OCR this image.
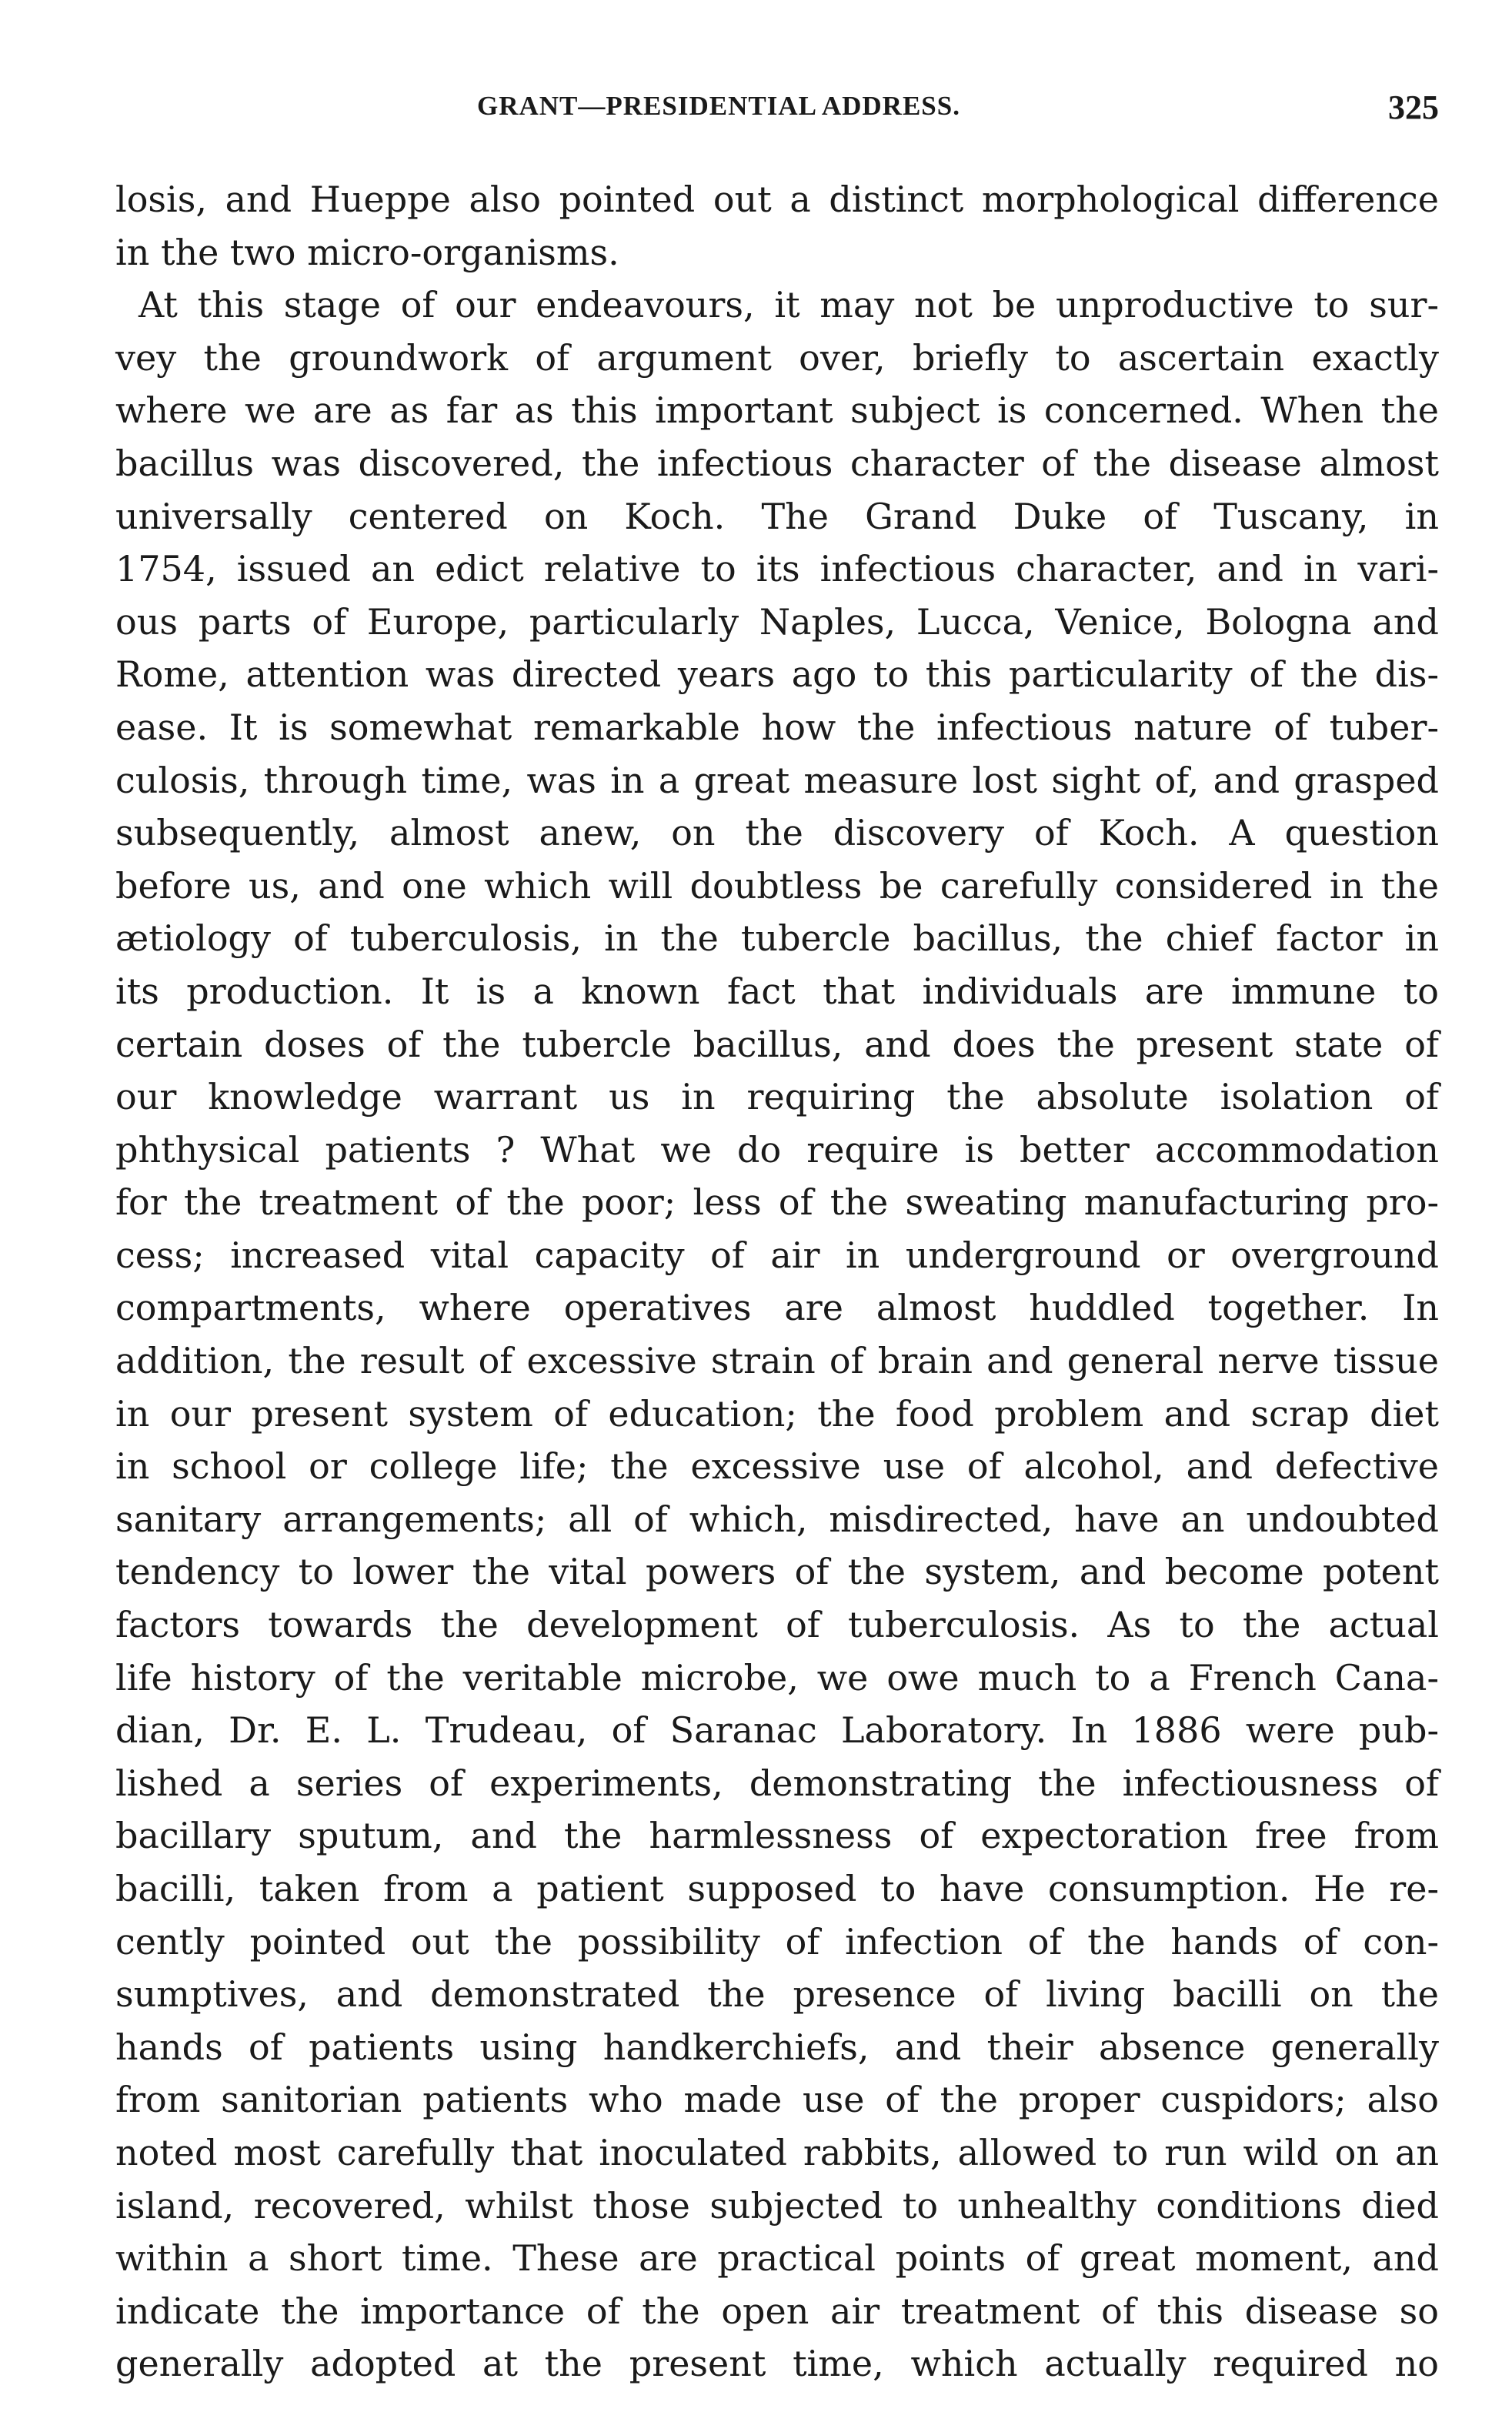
GRANT—PRESIDENTIAL ADDRESS.	325
losis, and Hueppe also pointed out a distinct morphological difference
in the two micro-organisms.
At this stage of our endeavours, it may not be unproductive to sur-
vey the groundwork of argument over, briefly to ascertain exactly
where we are as far as this important subject is concerned. When the
bacillus was discovered, the infectious character of the disease almost
universally centered on Koch. The Grand Duke of Tuscany, in
1754, issued an edict relative to its infectious character, and in vari-
ous parts of Europe, particularly Naples, Lucca, Venice, Bologna and
Rome, attention was directed years ago to this particularity of the dis-
ease. It is somewhat remarkable how the infectious nature of tuber-
culosis, through time, was in a great measure lost sight of, and grasped
subsequently, almost anew, on the discovery of Koch. A question
before us, and one which will doubtless be carefully considered in the
ætiology of tuberculosis, in the tubercle bacillus, the chief factor in
its production. It is a known fact that individuals are immune to
certain doses of the tubercle bacillus, and does the present state of
our knowledge warrant us in requiring the absolute isolation of
phthysical patients ? What we do require is better accommodation
for the treatment of the poor; less of the sweating manufacturing pro-
cess; increased vital capacity of air in underground or overground
compartments, where operatives are almost huddled together. In
addition, the result of excessive strain of brain and general nerve tissue
in our present system of education; the food problem and scrap diet
in school or college life; the excessive use of alcohol, and defective
sanitary arrangements; all of which, misdirected, have an undoubted
tendency to lower the vital powers of the system, and become potent
factors towards the development of tuberculosis. As to the actual
life history of the veritable microbe, we owe much to a French Cana-
dian, Dr. E. L. Trudeau, of Saranac Laboratory. In 1886 were pub-
lished a series of experiments, demonstrating the infectiousness of
bacillary sputum, and the harmlessness of expectoration free from
bacilli, taken from a patient supposed to have consumption. He re-
cently pointed out the possibility of infection of the hands of con-
sumptives, and demonstrated the presence of living bacilli on the
hands of patients using handkerchiefs, and their absence generally
from sanitorian patients who made use of the proper cuspidors; also
noted most carefully that inoculated rabbits, allowed to run wild on an
island, recovered, whilst those subjected to unhealthy conditions died
within a short time. These are practical points of great moment, and
indicate the importance of the open air treatment of this disease so
generally adopted at the present time, which actually required no
